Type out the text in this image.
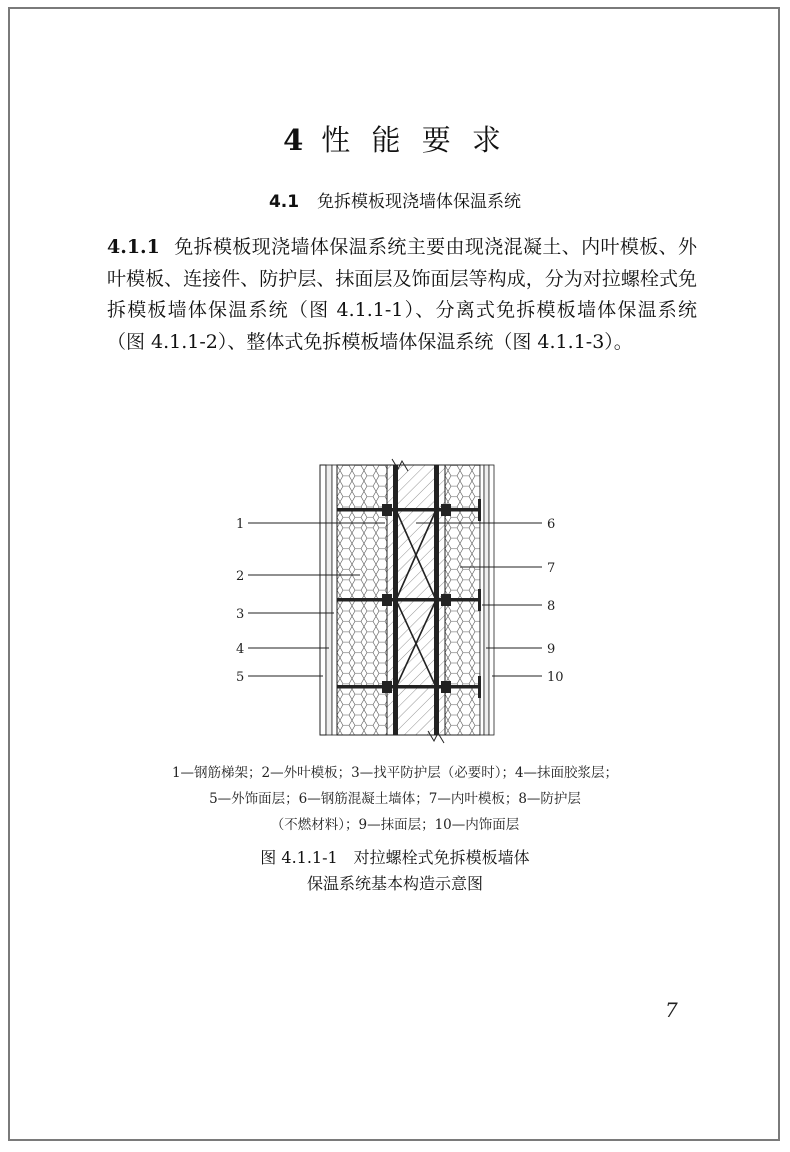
4 性 能 要 求
4.1 免拆模板现浇墙体保温系统

4.1.1 免拆模板现浇墙体保温系统主要由现浇混凝土、内叶模板、外叶模板、连接件、防护层、抹面层及饰面层等构成，分为对拉螺栓式免拆模板墙体保温系统（图 4.1.1-1）、分离式免拆模板墙体保温系统（图 4.1.1-2）、整体式免拆模板墙体保温系统（图 4.1.1-3）。

1
2
3
4
5
6
7
8
9
10
1—钢筋梯架；2—外叶模板；3—找平防护层（必要时）；4—抹面胶浆层；
5—外饰面层；6—钢筋混凝土墙体；7—内叶模板；8—防护层
（不燃材料）；9—抹面层；10—内饰面层
图 4.1.1-1　对拉螺栓式免拆模板墙体
保温系统基本构造示意图
7
